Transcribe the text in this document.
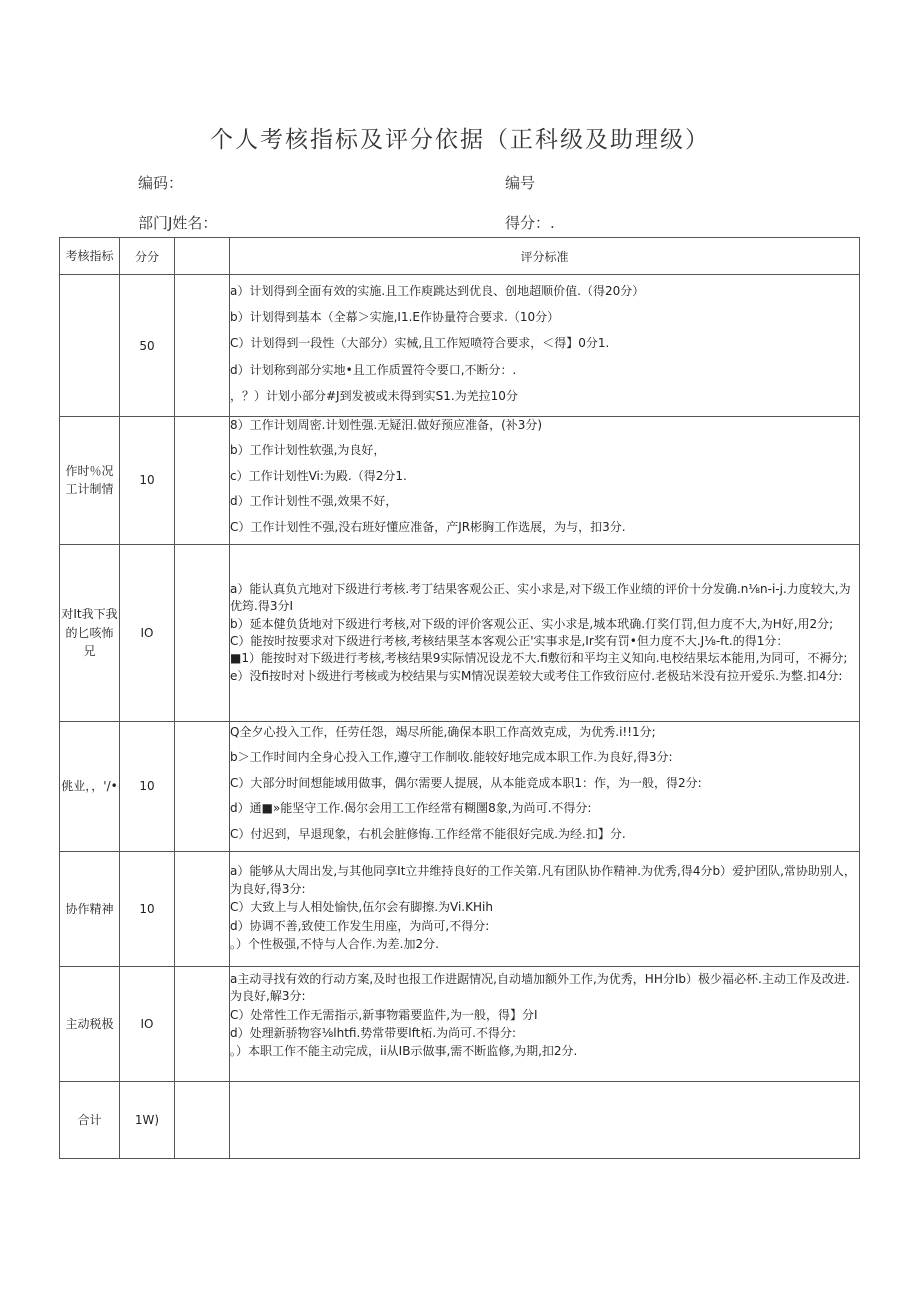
个人考核指标及评分依据（正科级及助理级）
编码：	编号
部门J姓名：	得分：.
考核指标	分分		评分标准
	50		a）计划得到全面有效的实施.且工作庾跳达到优良、创地超顺价值.（得20分）
b）计划得到基本（全幕＞实施,I1.E作协量符合要求.（10分）
C）计划得到一段性（大部分）实械,且工作短喷符合要求，＜得】0分1.
d）计划称到部分实地•且工作质置符令要口,不断分：.
，？）计划小部分#J到发被或未得到实S1.为羌拉10分

作时％况工计制情	10		8）工作计划周密.计划性强.无疑汨.做好预应准备，(补3分)
b）工作计划性软强,为良好，
c）工作计划性Vi:为殿.（得2分1.
d）工作计划性不强,效果不好，
C）工作计划性不强,没右班好懂应准备，产JR彬胸工作选展，为与，扣3分.

对It我下我的匕咳怖兄	IO		a）能认真负亢地对下级进行考核.考丁结果客观公正、实小求是,对下级工作业绩的评价十分发确.n⅛n-i-j.力度较大,为优筠.得3分I
b）延本健负货地对下级进行考核,对下级的评价客观公正、实小求是,城本玳确.仃奖仃罚,但力度不大,为H好,用2分;
C）能按时按要求对下级进行考核,考核结果茎本客观公正'实事求是,Ir奖有罚•但力度不大.J⅛-ft.的得1分：
■1）能按时对下级进行考核,考核结果9实际情况设龙不大.fi敷衍和平均主义知向.电校结果坛本能用,为同可，不褥分;
e）没fi按时对卜级进行考核或为校结果与实M情况误差较大或考住工作致衍应付.老极玷米没有拉开爱乐.为整.扣4分:

佻业，，'/•	10		Q全夕心投入工作，任劳任怨，竭尽所能,确保本职工作高效克成，为优秀.i!!1分;
b＞工作时间内全身心投入工作,遵守工作制收.能较好地完成本职工作.为良好,得3分:
C）大部分时间想能域用做事，偶尔需要人提展，从本能竞成本职1：作，为一般，得2分:
d）通■»能坚守工作.偈尔会用工工作经常有糊圛8象,为尚可.不得分:
C）付迟到，早退现象，右机会脏修悔.工作经常不能很好完成.为经.扣】分.

协作精神	10		a）能够从大周出发,与其他同享It立井维持良好的工作关第.凡有团队协作精神.为优秀,得4分b）爱护团队,常协助别人，为良好,得3分:
C）大致上与人相处愉快,伍尔会有脚擦.为Vi.KHih
d）协调不善,致使工作发生用座，为尚可,不得分:
。）个性极强,不恃与人合作.为差.加2分.

主动税极	IO		a主动寻找有效的行动方案,及时也报工作进踞情况,自动墙加额外工作,为优秀，HH分Ib）极少福必杯.主动工作及改进.为良好,解3分:
C）处常性工作无需指示,新事物霜要监件,为一般，得】分I
d）处理新骄物容⅛lhtfi.势常带要lft柘.为尚可.不得分:
。）本职工作不能主动完成，ii从IB示做事,需不断监修,为期,扣2分.

合计	1W)		
